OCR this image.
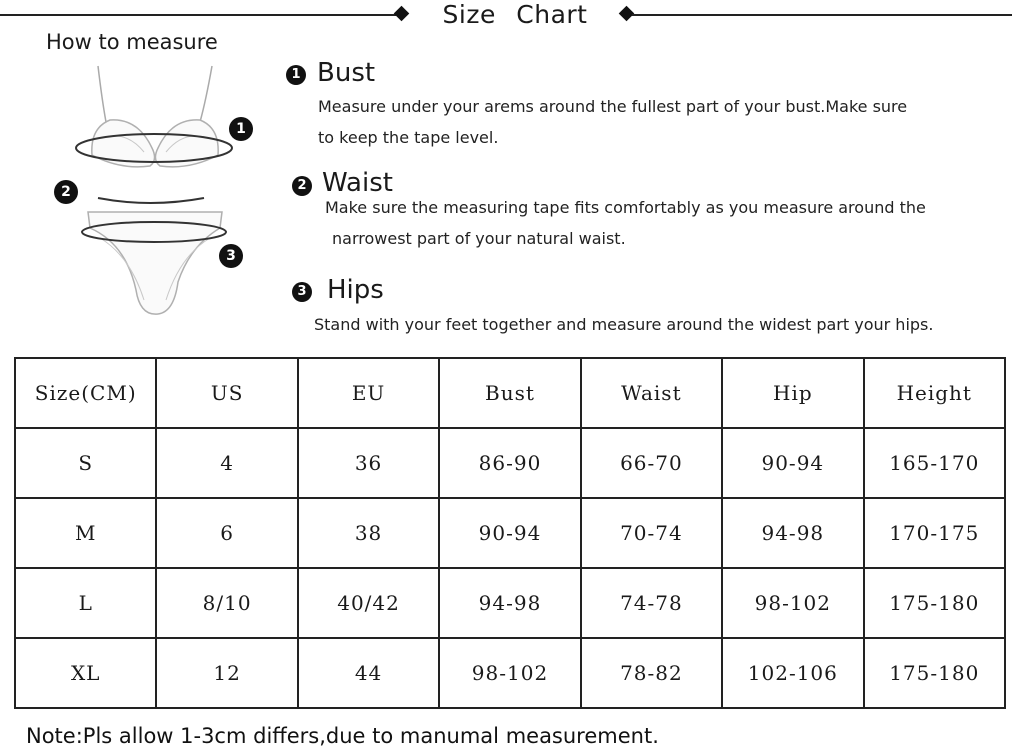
Size Chart
How to measure
1
2
3
1 Bust
Measure under your arems around the fullest part of your bust.Make sure
to keep the tape level.
2 Waist
Make sure the measuring tape fits comfortably as you measure around the
narrowest part of your natural waist.
3 Hips
Stand with your feet together and measure around the widest part your hips.
Size(CM)	US	EU	Bust	Waist	Hip	Height
S	4	36	86-90	66-70	90-94	165-170
M	6	38	90-94	70-74	94-98	170-175
L	8/10	40/42	94-98	74-78	98-102	175-180
XL	12	44	98-102	78-82	102-106	175-180
Note:Pls allow 1-3cm differs,due to manumal measurement.
